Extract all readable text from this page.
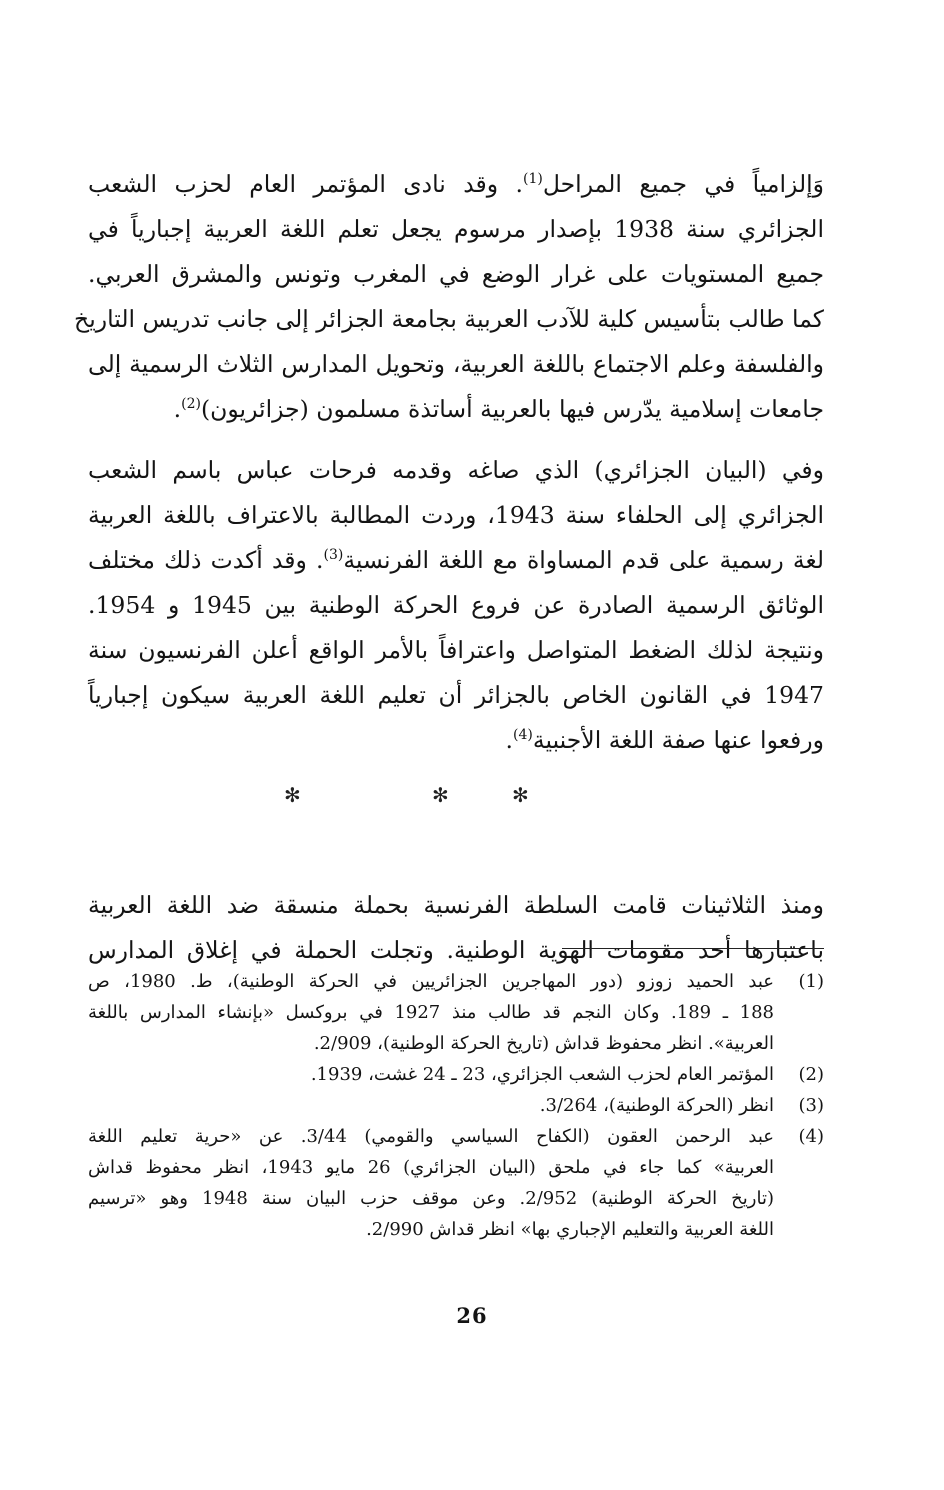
وَإلزامياً في جميع المراحل$^{(1)}$. وقد نادى المؤتمر العام لحزب الشعب
الجزائري سنة 1938 بإصدار مرسوم يجعل تعلم اللغة العربية إجبارياً في
جميع المستويات على غرار الوضع في المغرب وتونس والمشرق العربي.
كما طالب بتأسيس كلية للآدب العربية بجامعة الجزائر إلى جانب تدريس التاريخ
والفلسفة وعلم الاجتماع باللغة العربية، وتحويل المدارس الثلاث الرسمية إلى
جامعات إسلامية يدّرس فيها بالعربية أساتذة مسلمون (جزائريون)$^{(2)}$.
وفي (البيان الجزائري) الذي صاغه وقدمه فرحات عباس باسم الشعب
الجزائري إلى الحلفاء سنة 1943، وردت المطالبة بالاعتراف باللغة العربية
لغة رسمية على قدم المساواة مع اللغة الفرنسية$^{(3)}$. وقد أكدت ذلك مختلف
الوثائق الرسمية الصادرة عن فروع الحركة الوطنية بين 1945 و 1954.
ونتيجة لذلك الضغط المتواصل واعترافاً بالأمر الواقع أعلن الفرنسيون سنة
1947 في القانون الخاص بالجزائر أن تعليم اللغة العربية سيكون إجبارياً
ورفعوا عنها صفة اللغة الأجنبية$^{(4)}$.
✻	✻	✻
ومنذ الثلاثينات قامت السلطة الفرنسية بحملة منسقة ضد اللغة العربية
باعتبارها أحد مقومات الهوية الوطنية. وتجلت الحملة في إغلاق المدارس
(1)
عبد الحميد زوزو (دور المهاجرين الجزائريين في الحركة الوطنية)، ط. 1980، ص
188 ـ 189. وكان النجم قد طالب منذ 1927 في بروكسل «بإنشاء المدارس باللغة
العربية». انظر محفوظ قداش (تاريخ الحركة الوطنية)، 2/909.
(2)
المؤتمر العام لحزب الشعب الجزائري، 23 ـ 24 غشت، 1939.
(3)
انظر (الحركة الوطنية)، 3/264.
(4)
عبد الرحمن العقون (الكفاح السياسي والقومي) 3/44. عن «حرية تعليم اللغة
العربية» كما جاء في ملحق (البيان الجزائري) 26 مايو 1943، انظر محفوظ قداش
(تاريخ الحركة الوطنية) 2/952. وعن موقف حزب البيان سنة 1948 وهو «ترسيم
اللغة العربية والتعليم الإجباري بها» انظر قداش 2/990.
26
